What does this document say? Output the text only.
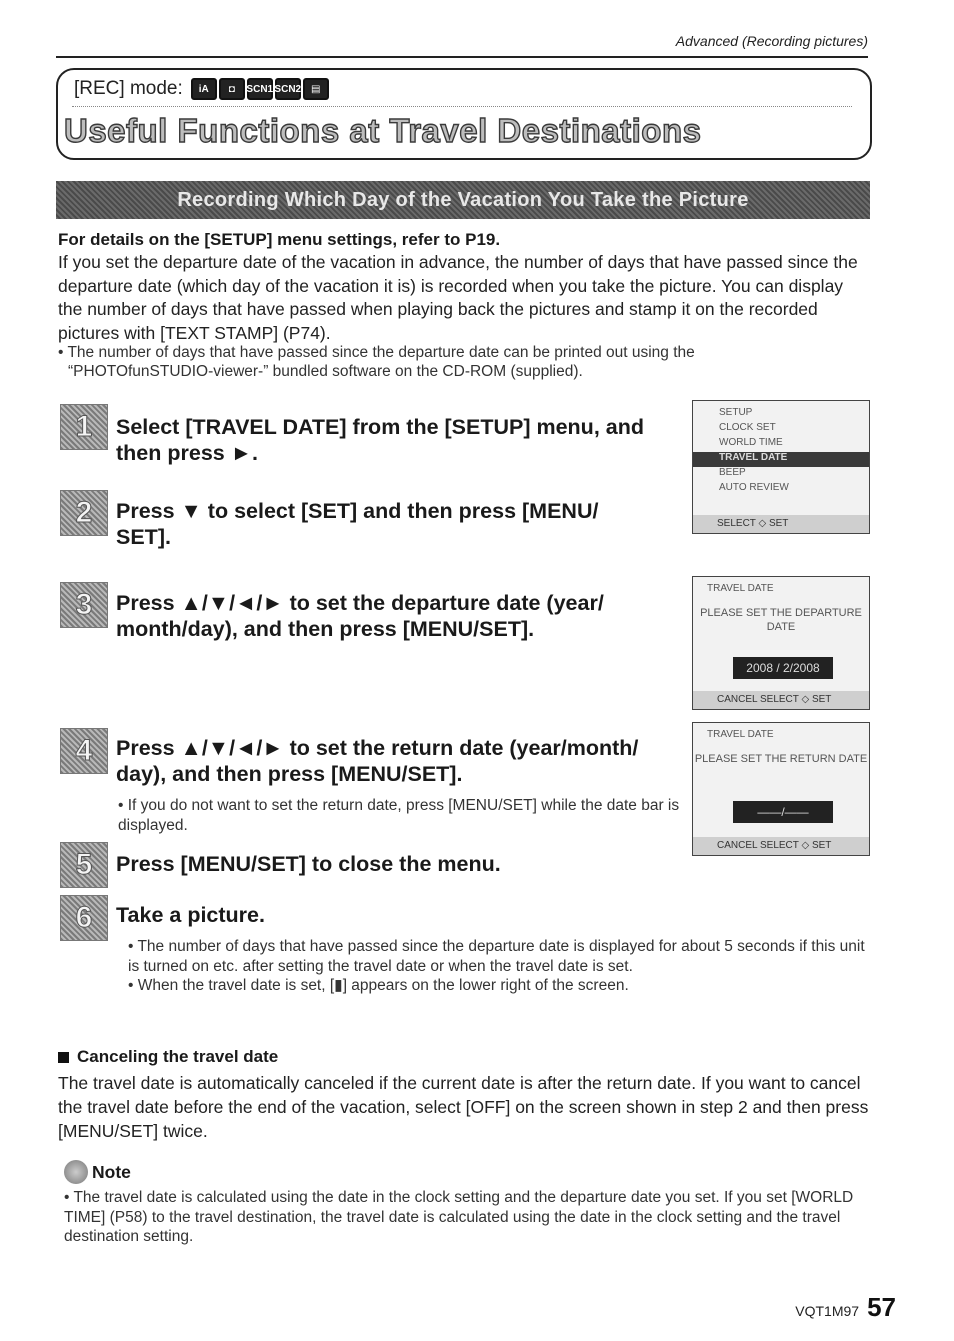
Advanced (Recording pictures)
[REC] mode:	iA	◘	SCN1 SCN2 ▤
Useful Functions at Travel Destinations
Recording Which Day of the Vacation You Take the Picture
For details on the [SETUP] menu settings, refer to P19.
If you set the departure date of the vacation in advance, the number of days that have passed since the departure date (which day of the vacation it is) is recorded when you take the picture. You can display the number of days that have passed when playing back the pictures and stamp it on the recorded pictures with [TEXT STAMP] (P74).
• The number of days that have passed since the departure date can be printed out using the
“PHOTOfunSTUDIO-viewer-” bundled software on the CD-ROM (supplied).
1	Select [TRAVEL DATE] from the [SETUP] menu, and then press ►.
2	Press ▼ to select [SET] and then press [MENU/ SET].
SETUP
CLOCK SET
WORLD TIME
TRAVEL DATE
BEEP
AUTO REVIEW
SELECT ◇ SET
3	Press ▲/▼/◄/► to set the departure date (year/ month/day), and then press [MENU/SET].
TRAVEL DATE
PLEASE SET THE DEPARTURE DATE
2008 / 2/2008
CANCEL SELECT ◇ SET
4	Press ▲/▼/◄/► to set the return date (year/month/ day), and then press [MENU/SET].
• If you do not want to set the return date, press [MENU/SET] while the date bar is displayed.
TRAVEL DATE
PLEASE SET THE RETURN DATE
——/——
CANCEL SELECT ◇ SET
5	Press [MENU/SET] to close the menu.
6	Take a picture.
• The number of days that have passed since the departure date is displayed for about 5 seconds if this unit is turned on etc. after setting the travel date or when the travel date is set.
• When the travel date is set, [▮] appears on the lower right of the screen.
Canceling the travel date
The travel date is automatically canceled if the current date is after the return date. If you want to cancel the travel date before the end of the vacation, select [OFF] on the screen shown in step 2 and then press [MENU/SET] twice.
Note
• The travel date is calculated using the date in the clock setting and the departure date you set. If you set [WORLD TIME] (P58) to the travel destination, the travel date is calculated using the date in the clock setting and the travel destination setting.
VQT1M97 57
